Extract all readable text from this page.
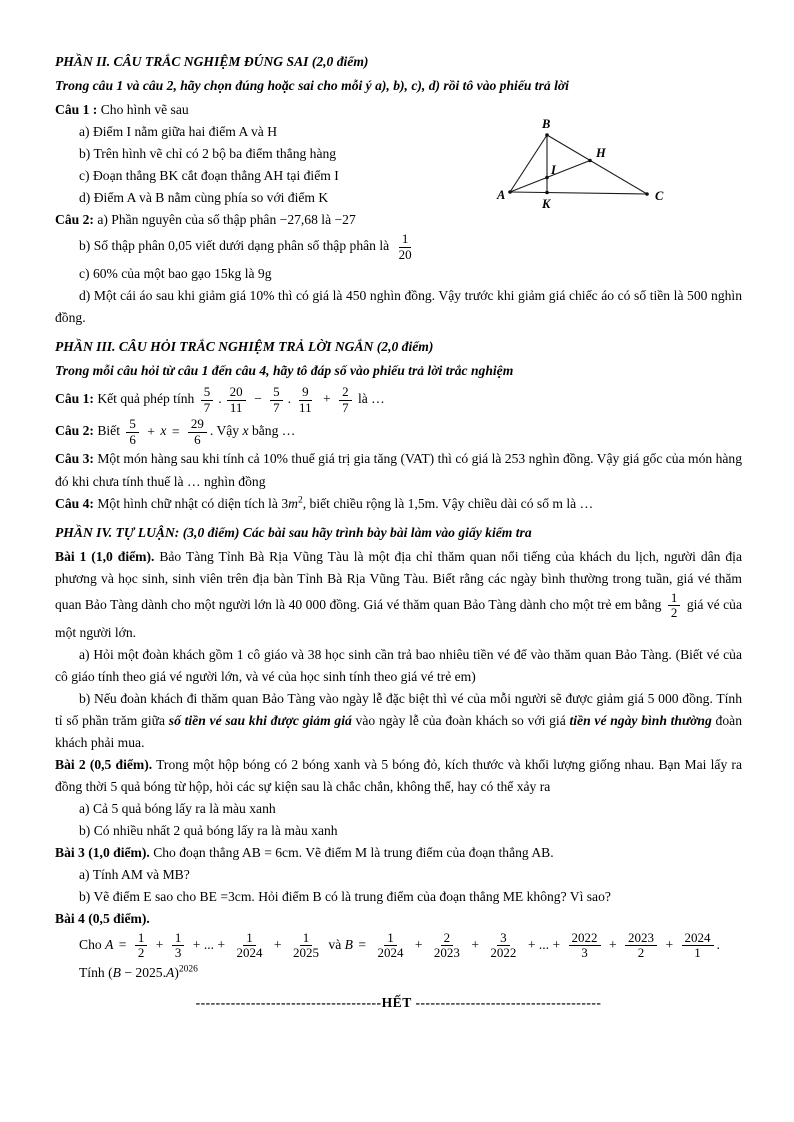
PHẦN II. CÂU TRẮC NGHIỆM ĐÚNG SAI (2,0 điểm)

Trong câu 1 và câu 2, hãy chọn đúng hoặc sai cho mỗi ý a), b), c), d) rồi tô vào phiếu trả lời

Câu 1 : Cho hình vẽ sau

a) Điểm I nằm giữa hai điểm A và H

b) Trên hình vẽ chỉ có 2 bộ ba điểm thẳng hàng

c) Đoạn thẳng BK cắt đoạn thẳng AH tại điểm I

d) Điểm A và B nằm cùng phía so với điểm K	A
B
C
H
I
K

Câu 2: a) Phần nguyên của số thập phân −27,68 là −27

b) Số thập phân 0,05 viết dưới dạng phân số thập phân là $\frac{1}{20}$

c) 60% của một bao gạo 15kg là 9g

d) Một cái áo sau khi giảm giá 10% thì có giá là 450 nghìn đồng. Vậy trước khi giảm giá chiếc áo có số tiền là 500 nghìn đồng.

PHẦN III. CÂU HỎI TRẮC NGHIỆM TRẢ LỜI NGẮN (2,0 điểm)

Trong mỗi câu hỏi từ câu 1 đến câu 4, hãy tô đáp số vào phiếu trả lời trắc nghiệm

Câu 1: Kết quả phép tính $\frac{5}{7}$ . $\frac{20}{11} - \frac{5}{7}$ . $\frac{9}{11} + \frac{2}{7}$ là …

Câu 2: Biết $\frac{5}{6} + x = \frac{29}{6}$ . Vậy x bằng …

Câu 3: Một món hàng sau khi tính cả 10% thuế giá trị gia tăng (VAT) thì có giá là 253 nghìn đồng. Vậy giá gốc của món hàng đó khi chưa tính thuế là … nghìn đồng

Câu 4: Một hình chữ nhật có diện tích là $3m^2$, biết chiều rộng là 1,5m. Vậy chiều dài có số m là …

PHẦN IV. TỰ LUẬN: (3,0 điểm) Các bài sau hãy trình bày bài làm vào giấy kiểm tra

Bài 1 (1,0 điểm). Bảo Tàng Tỉnh Bà Rịa Vũng Tàu là một địa chỉ thăm quan nổi tiếng của khách du lịch, người dân địa phương và học sinh, sinh viên trên địa bàn Tỉnh Bà Rịa Vũng Tàu. Biết rằng các ngày bình thường trong tuần, giá vé thăm quan Bảo Tàng dành cho một người lớn là 40 000 đồng. Giá vé thăm quan Bảo Tàng dành cho một trẻ em bằng $\frac{1}{2}$ giá vé của một người lớn.

a) Hỏi một đoàn khách gồm 1 cô giáo và 38 học sinh cần trả bao nhiêu tiền vé để vào thăm quan Bảo Tàng. (Biết vé của cô giáo tính theo giá vé người lớn, và vé của học sinh tính theo giá vé trẻ em)

b) Nếu đoàn khách đi thăm quan Bảo Tàng vào ngày lễ đặc biệt thì vé của mỗi người sẽ được giảm giá 5 000 đồng. Tính tỉ số phần trăm giữa số tiền vé sau khi được giảm giá vào ngày lễ của đoàn khách so với giá tiền vé ngày bình thường đoàn khách phải mua.

Bài 2 (0,5 điểm). Trong một hộp bóng có 2 bóng xanh và 5 bóng đỏ, kích thước và khối lượng giống nhau. Bạn Mai lấy ra đồng thời 5 quả bóng từ hộp, hỏi các sự kiện sau là chắc chắn, không thể, hay có thể xảy ra

a) Cả 5 quả bóng lấy ra là màu xanh

b) Có nhiều nhất 2 quả bóng lấy ra là màu xanh

Bài 3 (1,0 điểm). Cho đoạn thẳng AB = 6cm. Vẽ điểm M là trung điểm của đoạn thẳng AB.

a) Tính AM và MB?

b) Vẽ điểm E sao cho BE =3cm. Hỏi điểm B có là trung điểm của đoạn thẳng ME không? Vì sao?

Bài 4 (0,5 điểm).

Cho $A = \frac{1}{2} + \frac{1}{3}$ + ... + $\frac{1}{2024} + \frac{1}{2025}$ và $B = \frac{1}{2024} + \frac{2}{2023} + \frac{3}{2022}$ + ... + $\frac{2022}{3} + \frac{2023}{2} + \frac{2024}{1}$ .

Tính $(B - 2025.A)^{2026}$

-------------------------------------HẾT -------------------------------------
